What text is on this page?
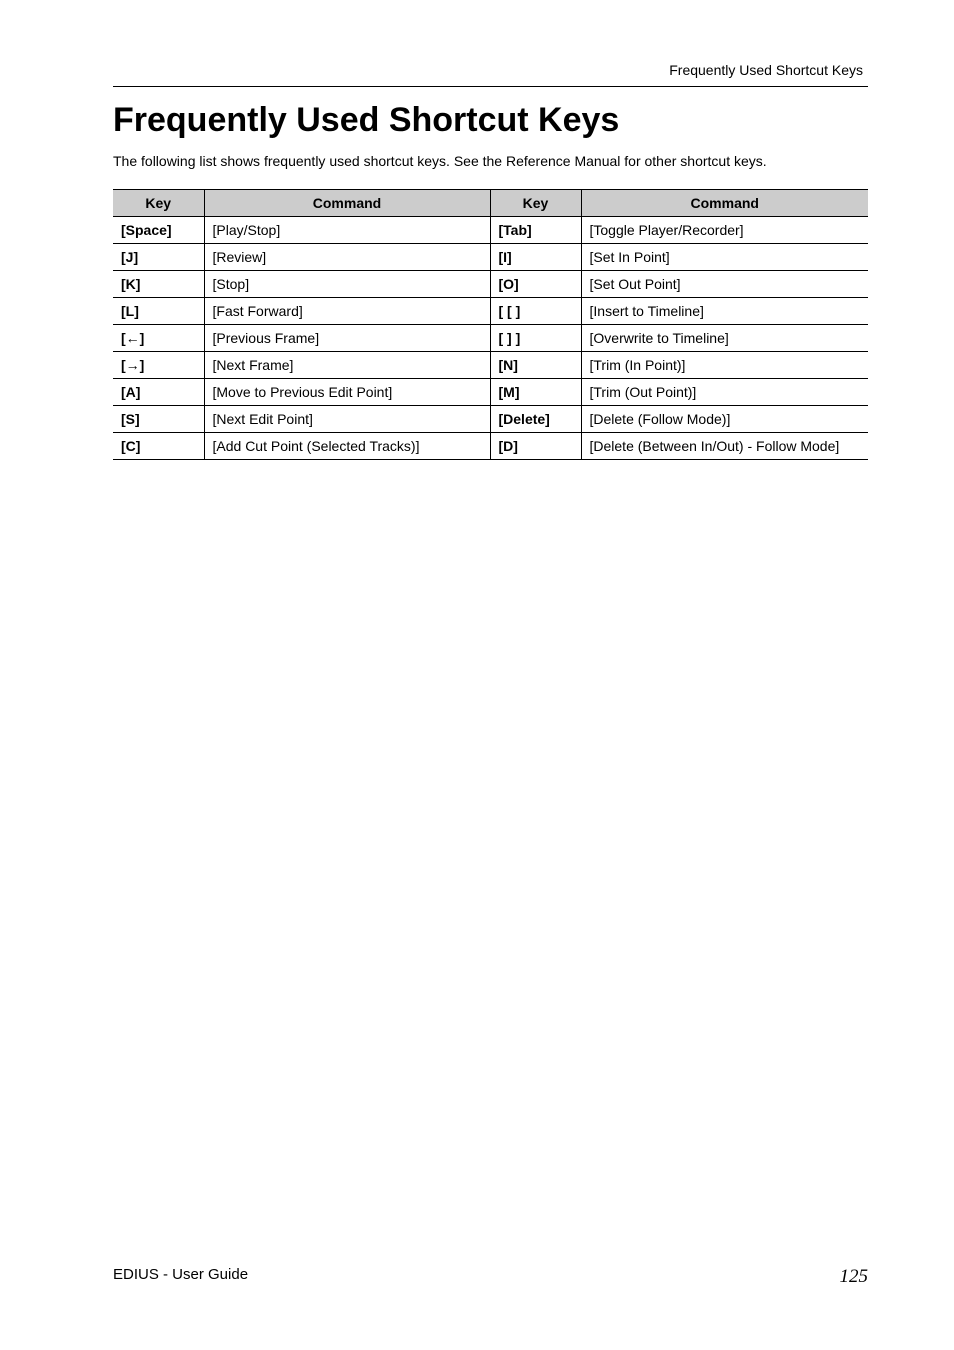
Frequently Used Shortcut Keys
Frequently Used Shortcut Keys

The following list shows frequently used shortcut keys. See the Reference Manual for other shortcut keys.

Key	Command	Key	Command
[Space]	[Play/Stop]	[Tab]	[Toggle Player/Recorder]
[J]	[Review]	[I]	[Set In Point]
[K]	[Stop]	[O]	[Set Out Point]
[L]	[Fast Forward]	[ [ ]	[Insert to Timeline]
[←]	[Previous Frame]	[ ] ]	[Overwrite to Timeline]
[→]	[Next Frame]	[N]	[Trim (In Point)]
[A]	[Move to Previous Edit Point]	[M]	[Trim (Out Point)]
[S]	[Next Edit Point]	[Delete]	[Delete (Follow Mode)]
[C]	[Add Cut Point (Selected Tracks)]	[D]	[Delete (Between In/Out) - Follow Mode]
EDIUS - User Guide	125
